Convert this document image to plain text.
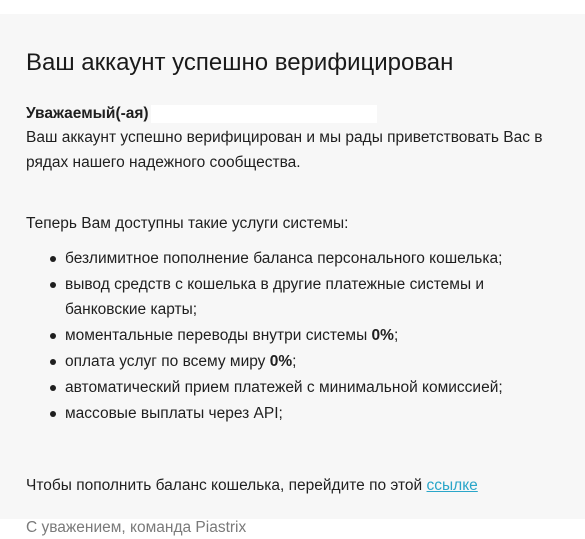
Ваш аккаунт успешно верифицирован

Уважаемый(-ая)

Ваш аккаунт успешно верифицирован и мы рады приветствовать Вас в рядах нашего надежного сообщества.

Теперь Вам доступны такие услуги системы:

безлимитное пополнение баланса персонального кошелька;
вывод средств с кошелька в другие платежные системы и банковские карты;
моментальные переводы внутри системы 0%;
оплата услуг по всему миру 0%;
автоматический прием платежей с минимальной комиссией;
массовые выплаты через API;

Чтобы пополнить баланс кошелька, перейдите по этой ссылке

С уважением, команда Piastrix
